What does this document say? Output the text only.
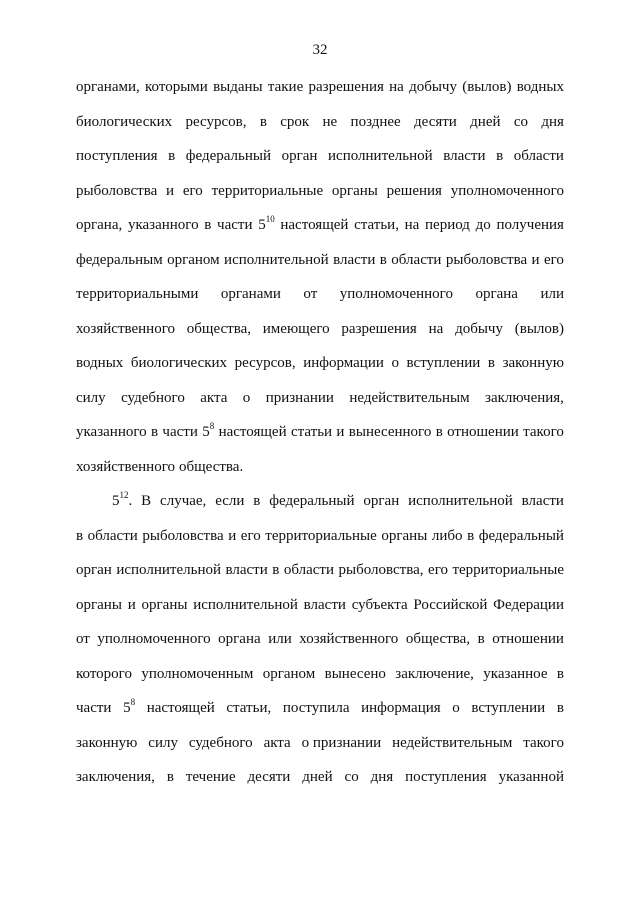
32
органами, которыми выданы такие разрешения на добычу (вылов) водных
биологических ресурсов, в срок не позднее десяти дней со дня
поступления в федеральный орган исполнительной власти в области
рыболовства и его территориальные органы решения уполномоченного
органа, указанного в части $5^{10}$ настоящей статьи, на период до получения
федеральным органом исполнительной власти в области рыболовства и его
территориальными органами от уполномоченного органа или
хозяйственного общества, имеющего разрешения на добычу (вылов)
водных биологических ресурсов, информации о вступлении в законную
силу судебного акта о признании недействительным заключения,
указанного в части $5^8$ настоящей статьи и вынесенного в отношении такого
хозяйственного общества.
$5^{12}$. В случае, если в федеральный орган исполнительной власти
в области рыболовства и его территориальные органы либо в федеральный
орган исполнительной власти в области рыболовства, его территориальные
органы и органы исполнительной власти субъекта Российской Федерации
от уполномоченного органа или хозяйственного общества, в отношении
которого уполномоченным органом вынесено заключение, указанное в
части $5^8$ настоящей статьи, поступила информация о вступлении в
законную силу судебного акта о признании недействительным такого
заключения, в течение десяти дней со дня поступления указанной
